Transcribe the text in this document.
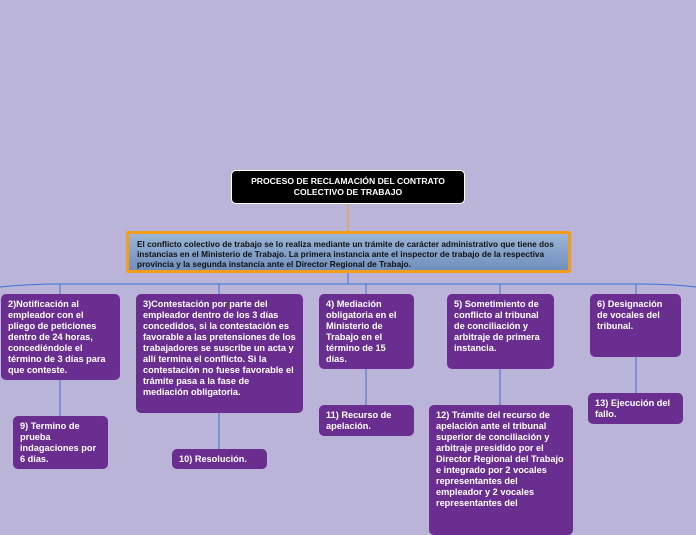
PROCESO DE RECLAMACIÓN DEL CONTRATO COLECTIVO DE TRABAJO
El conflicto colectivo de trabajo se lo realiza mediante un trámite de carácter administrativo que tiene dos instancias en el Ministerio de Trabajo. La primera instancia ante el inspector de trabajo de la respectiva provincia y la segunda instancia ante el Director Regional de Trabajo.
2)Notificación al empleador con el pliego de peticiones dentro de 24 horas, concediéndole el término de 3 días para que conteste.
3)Contestación por parte del empleador dentro de los 3 días concedidos, si la contestación es favorable a las pretensiones de los trabajadores se suscribe un acta y allí termina el conflicto. Si la contestación no fuese favorable el trámite pasa a la fase de mediación obligatoria.
4) Mediación obligatoria en el Ministerio de Trabajo en el término de 15 días.
5) Sometimiento de conflicto al tribunal de conciliación y arbitraje de primera instancia.
6) Designación de vocales del tribunal.
9) Termino de prueba indagaciones por 6 días.	10) Resolución.
11) Recurso de apelación.
12) Trámite del recurso de apelación ante el tribunal superior de conciliación y arbitraje presidido por el Director Regional del Trabajo e integrado por 2 vocales representantes del empleador y 2 vocales representantes del
13) Ejecución del fallo.
